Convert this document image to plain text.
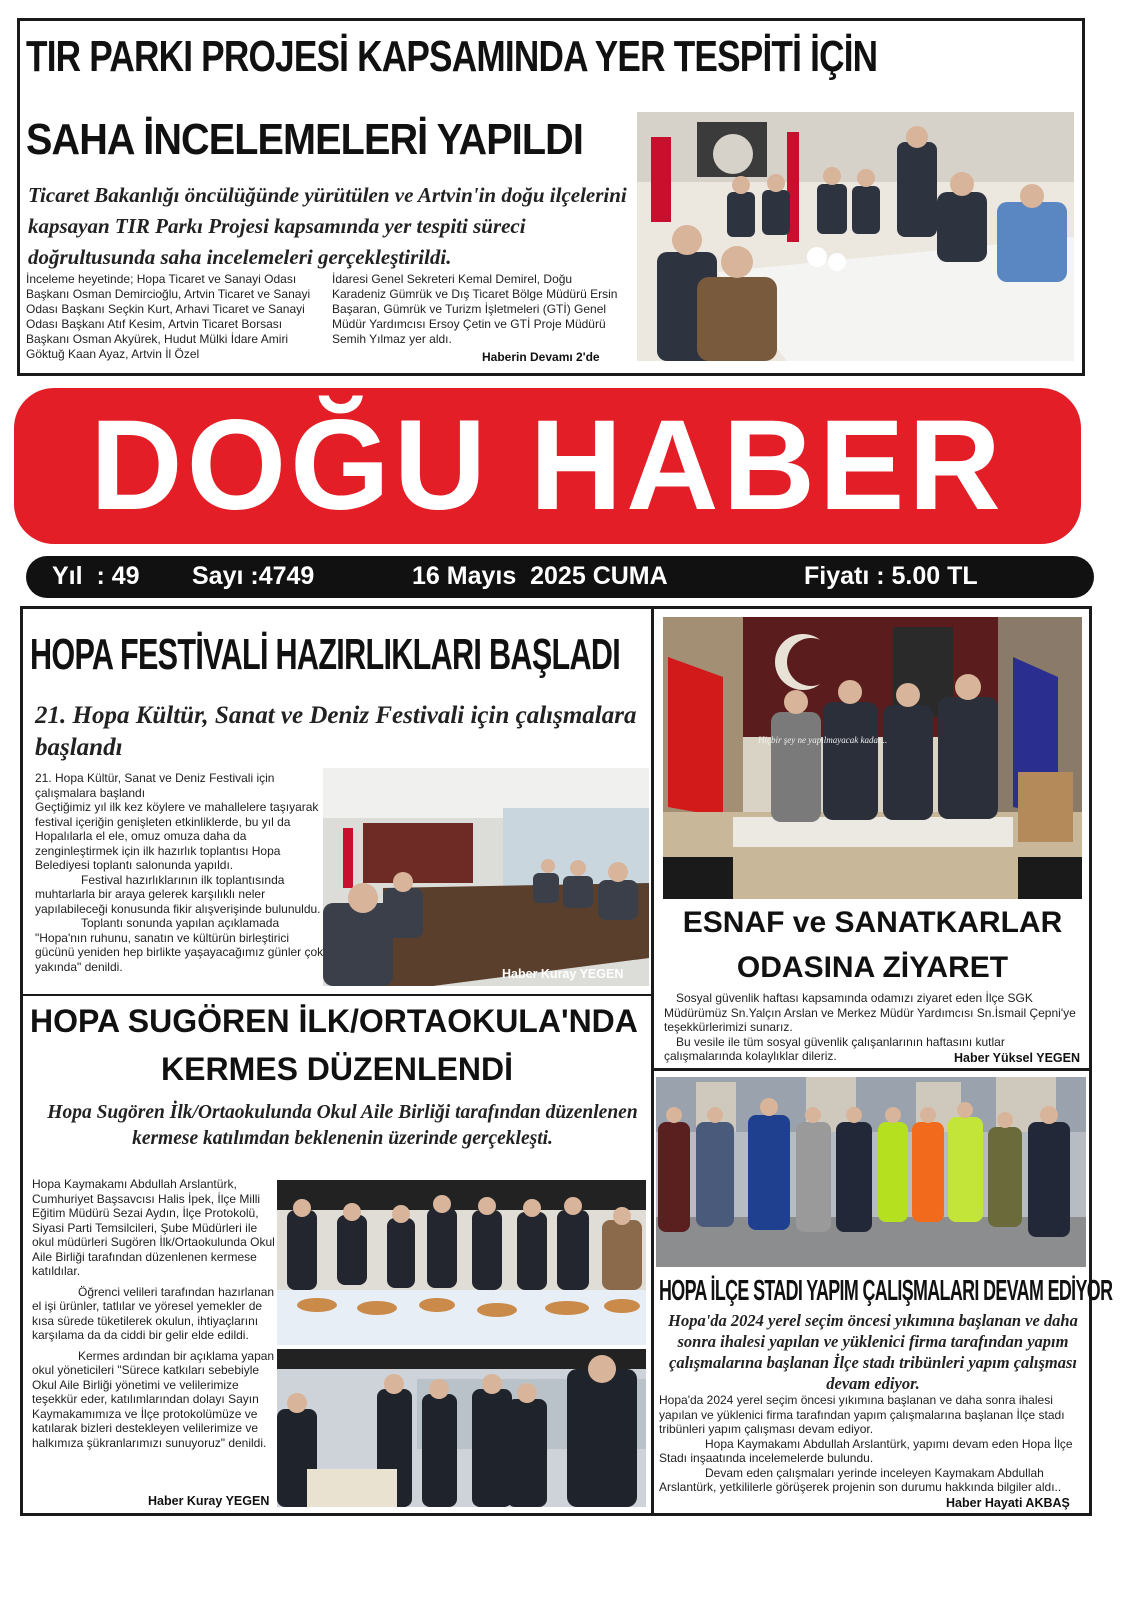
TIR PARKI PROJESİ KAPSAMINDA YER TESPİTİ İÇİN
SAHA İNCELEMELERİ YAPILDI
Ticaret Bakanlığı öncülüğünde yürütülen ve Artvin'in doğu ilçelerini kapsayan TIR Parkı Projesi kapsamında yer tespiti süreci doğrultusunda saha incelemeleri gerçekleştirildi.
İnceleme heyetinde; Hopa Ticaret ve Sanayi Odası Başkanı Osman Demircioğlu, Artvin Ticaret ve Sanayi Odası Başkanı Seçkin Kurt, Arhavi Ticaret ve Sanayi Odası Başkanı Atıf Kesim, Artvin Ticaret Borsası Başkanı Osman Akyürek, Hudut Mülki İdare Amiri Göktuğ Kaan Ayaz, Artvin İl Özel
İdaresi Genel Sekreteri Kemal Demirel, Doğu Karadeniz Gümrük ve Dış Ticaret Bölge Müdürü Ersin Başaran, Gümrük ve Turizm İşletmeleri (GTİ) Genel Müdür Yardımcısı Ersoy Çetin ve GTİ Proje Müdürü Semih Yılmaz yer aldı.
Haberin Devamı 2'de
DOĞU HABER
Yıl  : 49 Sayı :4749	16 Mayıs  2025 CUMA	Fiyatı : 5.00 TL
HOPA FESTİVALİ HAZIRLIKLARI BAŞLADI
21. Hopa Kültür, Sanat ve Deniz Festivali için çalışmalara başlandı
21. Hopa Kültür, Sanat ve Deniz Festivali için çalışmalara başlandı
Geçtiğimiz yıl ilk kez köylere ve mahallelere taşıyarak festival içeriğin genişleten etkinliklerde, bu yıl da Hopalılarla el ele, omuz omuza daha da zenginleştirmek için ilk hazırlık toplantısı Hopa Belediyesi toplantı salonunda yapıldı.
Festival hazırlıklarının ilk toplantısında muhtarlarla bir araya gelerek karşılıklı neler yapılabileceği konusunda fikir alışverişinde bulunuldu.
Toplantı sonunda yapılan açıklamada "Hopa'nın ruhunu, sanatın ve kültürün birleştirici gücünü yeniden hep birlikte yaşayacağımız günler çok yakında" denildi.
Haber Kuray YEGEN
HOPA SUGÖREN İLK/ORTAOKULA'NDA
KERMES DÜZENLENDİ
Hopa Sugören İlk/Ortaokulunda Okul Aile Birliği tarafından düzenlenen kermese katılımdan beklenenin üzerinde gerçekleşti.
Hopa Kaymakamı Abdullah Arslantürk, Cumhuriyet Başsavcısı Halis İpek, İlçe Milli Eğitim Müdürü Sezai Aydın, İlçe Protokolü, Siyasi Parti Temsilcileri, Şube Müdürleri ile okul müdürleri Sugören İlk/Ortaokulunda Okul Aile Birliği tarafından düzenlenen kermese katıldılar.
Öğrenci velileri tarafından hazırlanan el işi ürünler, tatlılar ve yöresel yemekler de kısa sürede tüketilerek okulun, ihtiyaçlarını karşılama da da ciddi bir gelir elde edildi.
Kermes ardından bir açıklama yapan okul yöneticileri "Sürece katkıları sebebiyle Okul Aile Birliği yönetimi ve velilerimize teşekkür eder, katılımlarından dolayı Sayın Kaymakamımıza ve İlçe protokolümüze ve katılarak bizleri destekleyen velilerimize ve halkımıza şükranlarımızı sunuyoruz" denildi.
Haber Kuray YEGEN
Hiçbir şey ne yapılmayacak kadar...
ESNAF ve SANATKARLAR
ODASINA ZİYARET
Sosyal güvenlik haftası kapsamında odamızı ziyaret eden İlçe SGK Müdürümüz Sn.Yalçın Arslan ve Merkez Müdür Yardımcısı Sn.İsmail Çepni'ye teşekkürlerimizi sunarız.
Bu vesile ile tüm sosyal güvenlik çalışanlarının haftasını kutlar çalışmalarında kolaylıklar dileriz.	Haber Yüksel YEGEN
HOPA İLÇE STADI YAPIM ÇALIŞMALARI DEVAM EDİYOR
Hopa'da 2024 yerel seçim öncesi yıkımına başlanan ve daha sonra ihalesi yapılan ve yüklenici firma tarafından yapım çalışmalarına başlanan İlçe stadı tribünleri yapım çalışması devam ediyor.
Hopa'da 2024 yerel seçim öncesi yıkımına başlanan ve daha sonra ihalesi yapılan ve yüklenici firma tarafından yapım çalışmalarına başlanan İlçe stadı tribünleri yapım çalışması devam ediyor.
Hopa Kaymakamı Abdullah Arslantürk, yapımı devam eden Hopa İlçe Stadı inşaatında incelemelerde bulundu.
Devam eden çalışmaları yerinde inceleyen Kaymakam Abdullah Arslantürk, yetkililerle görüşerek projenin son durumu hakkında bilgiler aldı..
Haber Hayati AKBAŞ
